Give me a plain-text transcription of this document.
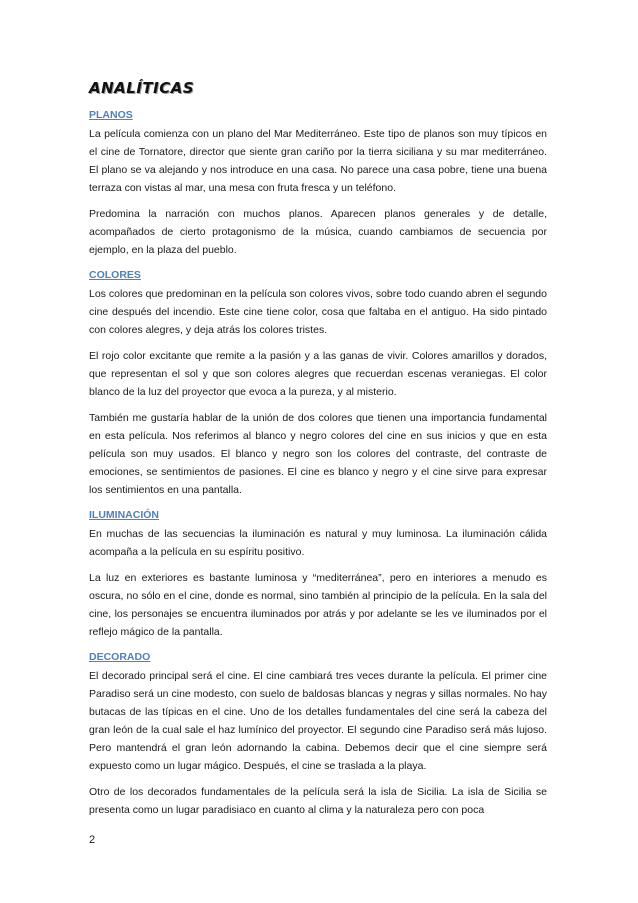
ANALÍTICAS
PLANOS

La película comienza con un plano del Mar Mediterráneo. Este tipo de planos son muy típicos en el cine de Tornatore, director que siente gran cariño por la tierra siciliana y su mar mediterráneo. El plano se va alejando y nos introduce en una casa. No parece una casa pobre, tiene una buena terraza con vistas al mar, una mesa con fruta fresca y un teléfono.

Predomina la narración con muchos planos. Aparecen planos generales y de detalle, acompañados de cierto protagonismo de la música, cuando cambiamos de secuencia por ejemplo, en la plaza del pueblo.

COLORES

Los colores que predominan en la película son colores vivos, sobre todo cuando abren el segundo cine después del incendio. Este cine tiene color, cosa que faltaba en el antiguo. Ha sido pintado con colores alegres, y deja atrás los colores tristes.

El rojo color excitante que remite a la pasión y a las ganas de vivir. Colores amarillos y dorados, que representan el sol y que son colores alegres que recuerdan escenas veraniegas. El color blanco de la luz del proyector que evoca a la pureza, y al misterio.

También me gustaría hablar de la unión de dos colores que tienen una importancia fundamental en esta película. Nos referimos al blanco y negro colores del cine en sus inicios y que en esta película son muy usados. El blanco y negro son los colores del contraste, del contraste de emociones, se sentimientos de pasiones. El cine es blanco y negro y el cine sirve para expresar los sentimientos en una pantalla.

ILUMINACIÓN

En muchas de las secuencias la iluminación es natural y muy luminosa. La iluminación cálida acompaña a la película en su espíritu positivo.

La luz en exteriores es bastante luminosa y “mediterránea”, pero en interiores a menudo es oscura, no sólo en el cine, donde es normal, sino también al principio de la película. En la sala del cine, los personajes se encuentra iluminados por atrás y por adelante se les ve iluminados por el reflejo mágico de la pantalla.

DECORADO

El decorado principal será el cine. El cine cambiará tres veces durante la película. El primer cine Paradiso será un cine modesto, con suelo de baldosas blancas y negras y sillas normales. No hay butacas de las típicas en el cine. Uno de los detalles fundamentales del cine será la cabeza del gran león de la cual sale el haz lumínico del proyector. El segundo cine Paradiso será más lujoso. Pero mantendrá el gran león adornando la cabina. Debemos decir que el cine siempre será expuesto como un lugar mágico. Después, el cine se traslada a la playa.

Otro de los decorados fundamentales de la película será la isla de Sicilia. La isla de Sicilia se presenta como un lugar paradisiaco en cuanto al clima y la naturaleza pero con poca

2
